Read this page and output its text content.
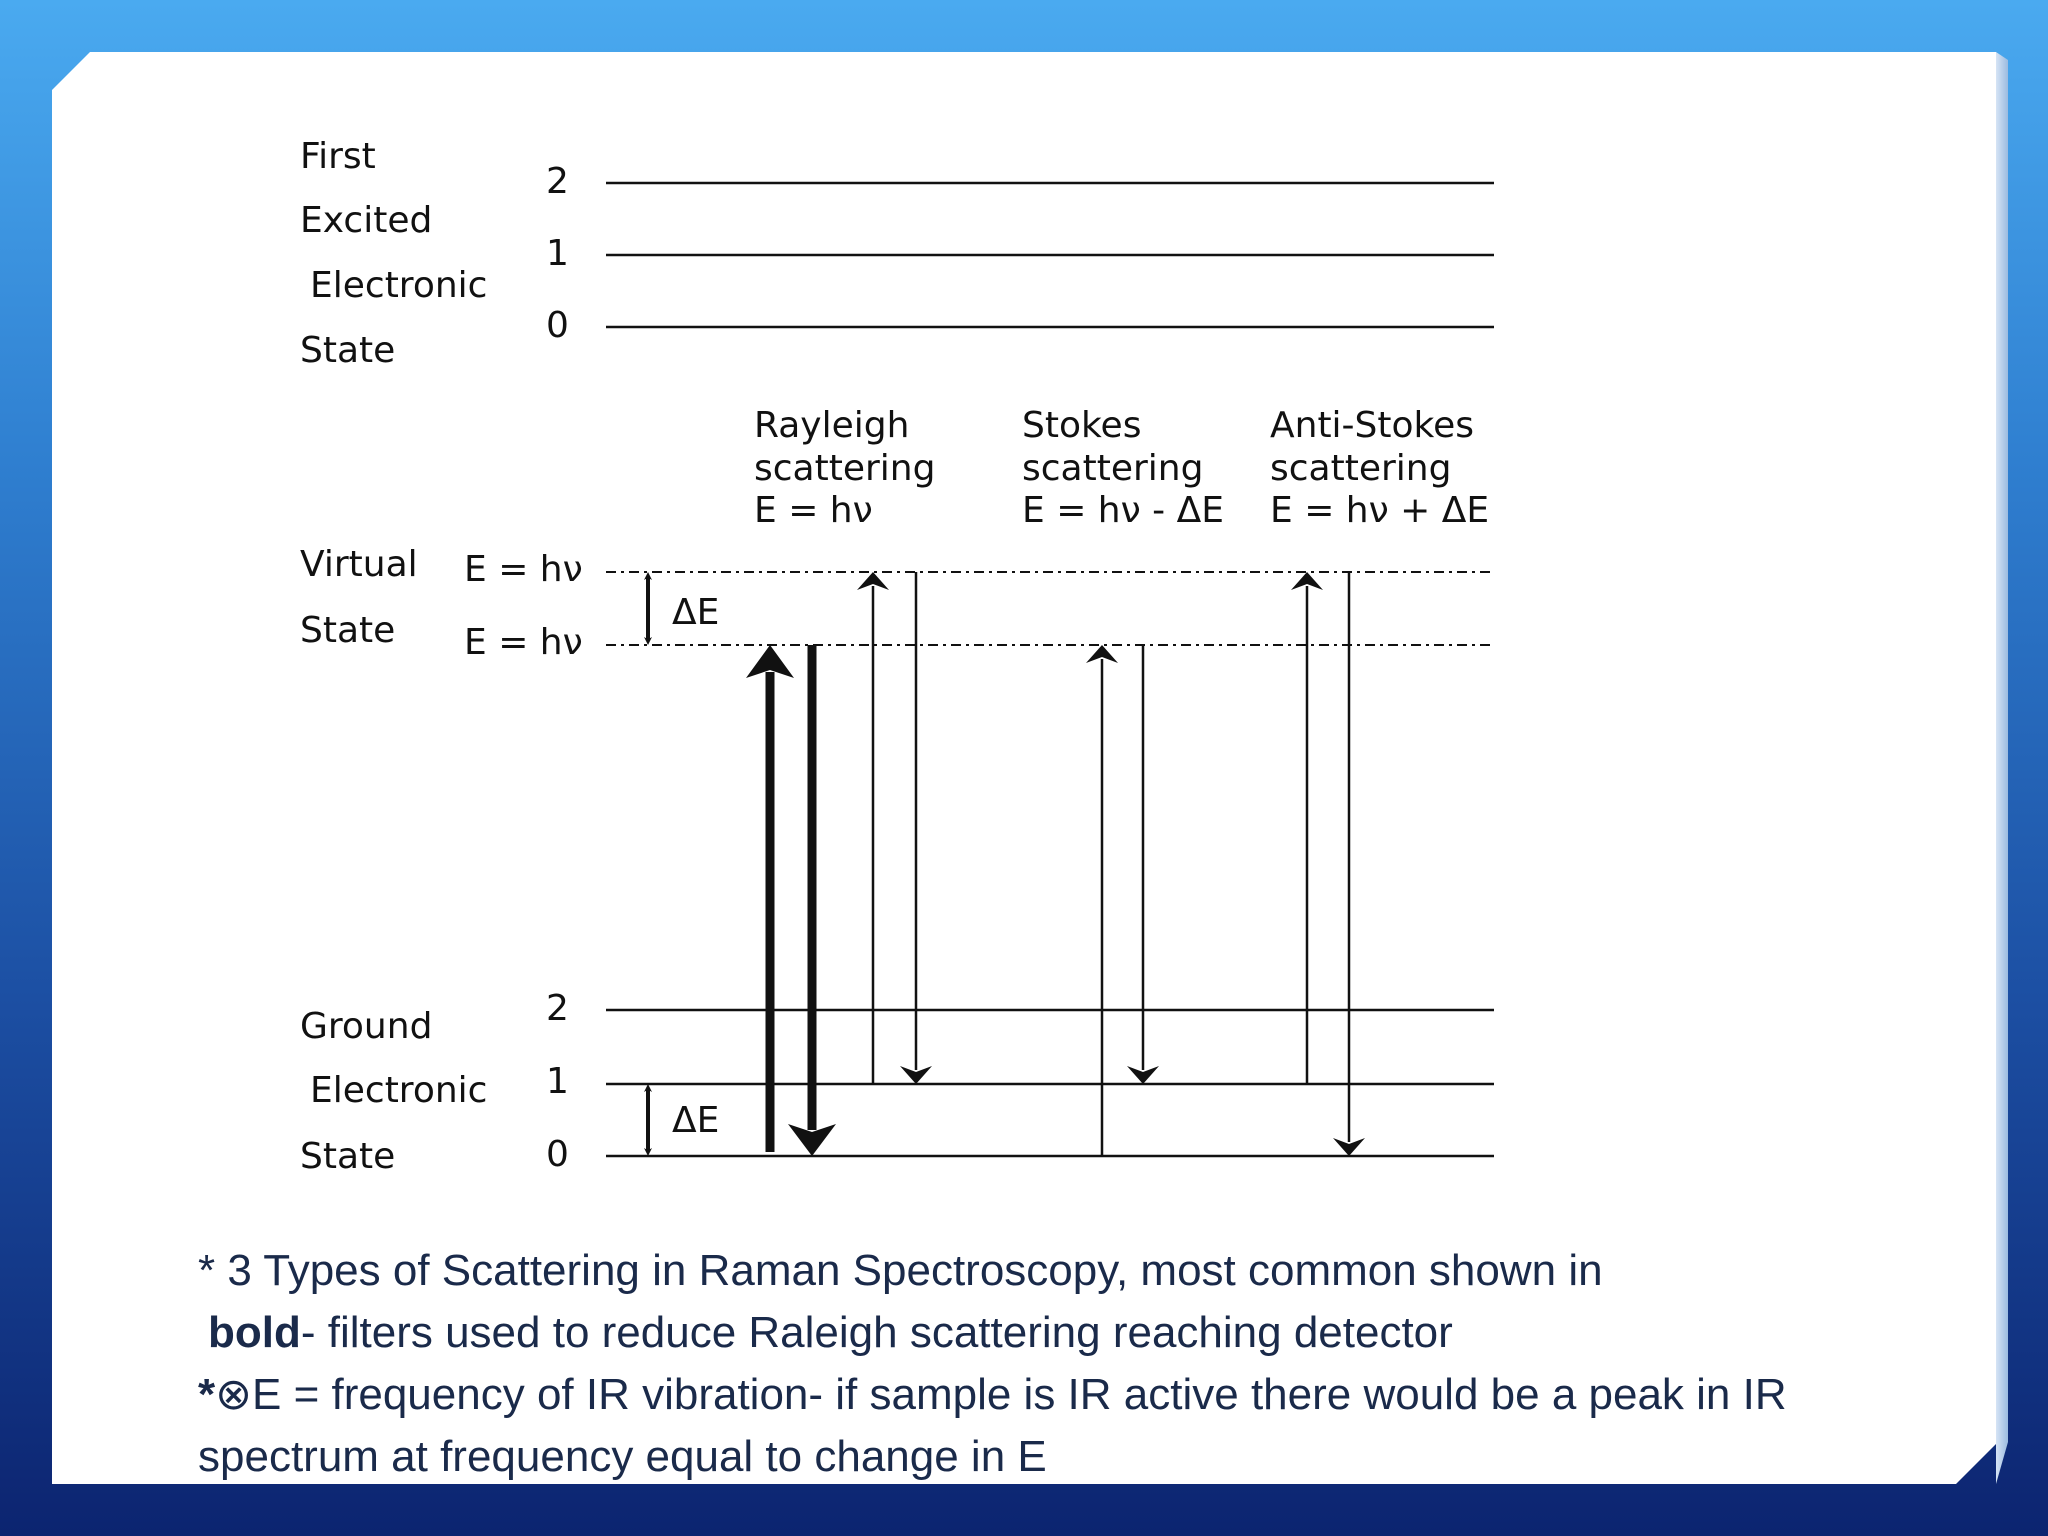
First
Excited
Electronic
State
2
1
0
Rayleigh
scattering
E = hν
Stokes
scattering
E = hν - ΔE
Anti-Stokes
scattering
E = hν + ΔE
Virtual
State
E = hν
E = hν
ΔE
Ground
Electronic
State
2
1
0
ΔE

* 3 Types of Scattering in Raman Spectroscopy, most common shown in

bold- filters used to reduce Raleigh scattering reaching detector

*⊗E = frequency of IR vibration- if sample is IR active there would be a peak in IR

spectrum at frequency equal to change in E
